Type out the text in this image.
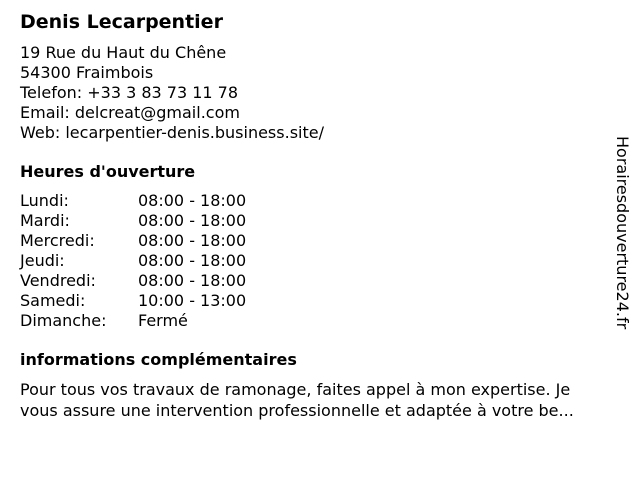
Denis Lecarpentier
19 Rue du Haut du Chêne
54300 Fraimbois
Telefon: +33 3 83 73 11 78
Email: delcreat@gmail.com
Web: lecarpentier-denis.business.site/
Heures d'ouverture
Lundi:	08:00 - 18:00
Mardi:	08:00 - 18:00
Mercredi:	08:00 - 18:00
Jeudi:	08:00 - 18:00
Vendredi:	08:00 - 18:00
Samedi:	10:00 - 13:00
Dimanche:	Fermé
informations complémentaires
Pour tous vos travaux de ramonage, faites appel à mon expertise. Je
vous assure une intervention professionnelle et adaptée à votre be...
Horairesdouverture24.fr
